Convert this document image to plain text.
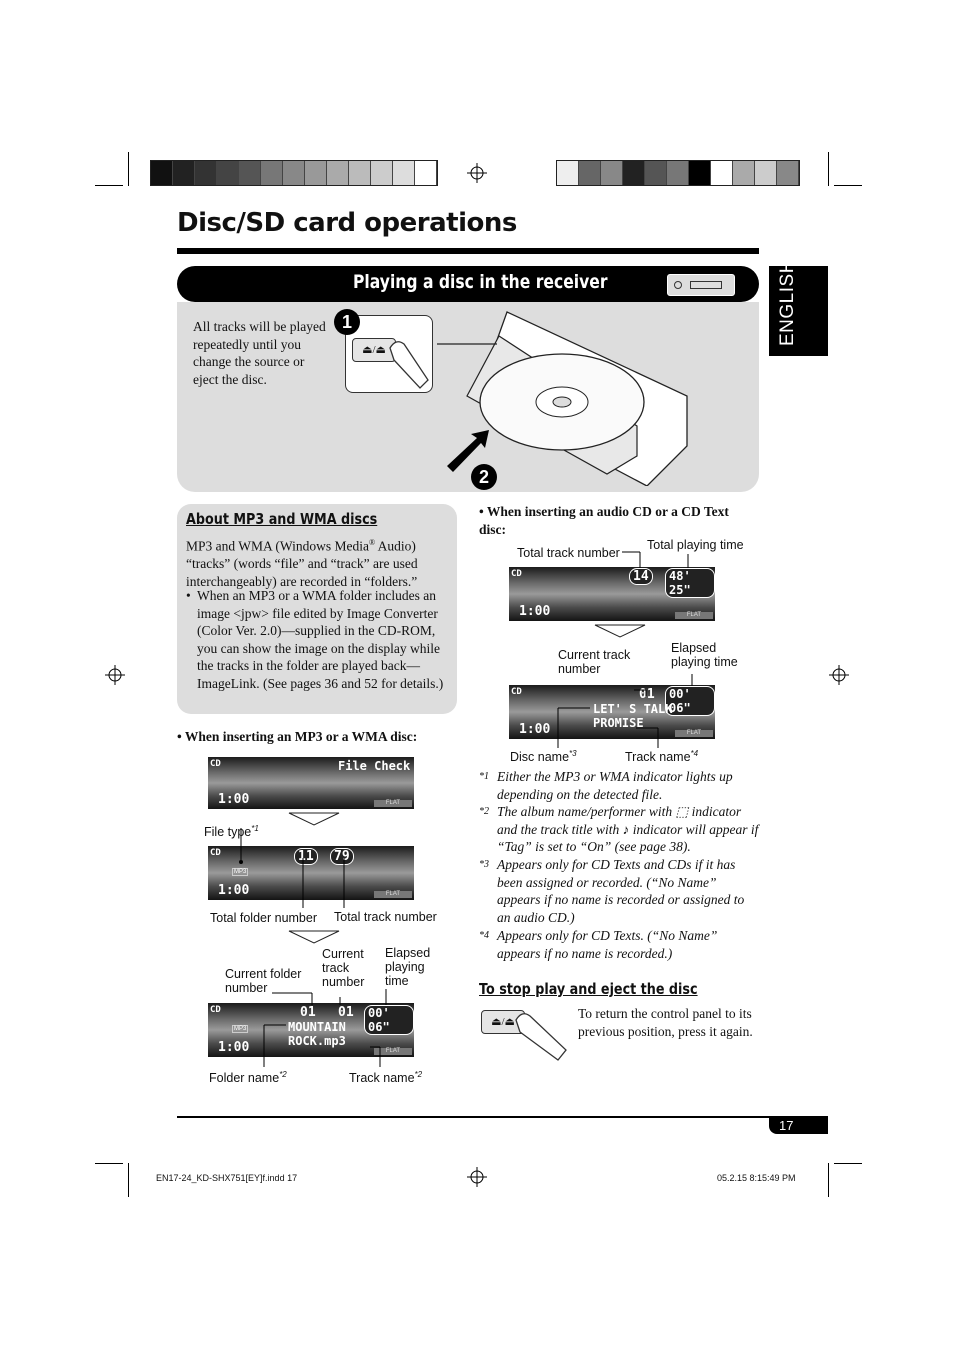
Disc/SD card operations
ENGLISH
Playing a disc in the receiver
All tracks will be played repeatedly until you change the source or eject the disc.
⏏/⏏
1
2
About MP3 and WMA discs
MP3 and WMA (Windows Media® Audio) “tracks” (words “file” and “track” are used interchangeably) are recorded in “folders.”
• When an MP3 or a WMA folder includes an image <jpw> file edited by Image Converter (Color Ver. 2.0)—supplied in the CD-ROM, you can show the image on the display while the tracks in the folder are played back—ImageLink. (See pages 36 and 52 for details.)
• When inserting an MP3 or a WMA disc:
CD	File Check
1:00	FLAT
File type$^{*1}$
CD
MP3
11	79
1:00	FLAT
Total folder number Total track number
Current folder number
Current track number
Elapsed playing time
CD
MP3
01 01	00' 06"
MOUNTAIN
ROCK.mp3
1:00	FLAT
Folder name$^{*2}$	Track name$^{*2}$
• When inserting an audio CD or a CD Text disc:
Total track number
Total playing time
CD	14	48' 25"
1:00	FLAT
Current track number
Elapsed playing time
CD	01	00' 06"
LET' S TALK
PROMISE
1:00	FLAT
Disc name$^{*3}$	Track name$^{*4}$
*1 Either the MP3 or WMA indicator lights up depending on the detected file.
*2 The album name/performer with ⬚ indicator and the track title with ♪ indicator will appear if “Tag” is set to “On” (see page 38).
*3 Appears only for CD Texts and CDs if it has been assigned or recorded. (“No Name” appears if no name is recorded or assigned to an audio CD.)
*4 Appears only for CD Texts. (“No Name” appears if no name is recorded.)
To stop play and eject the disc
⏏/⏏
To return the control panel to its previous position, press it again.
17
EN17-24_KD-SHX751[EY]f.indd 17	05.2.15 8:15:49 PM
